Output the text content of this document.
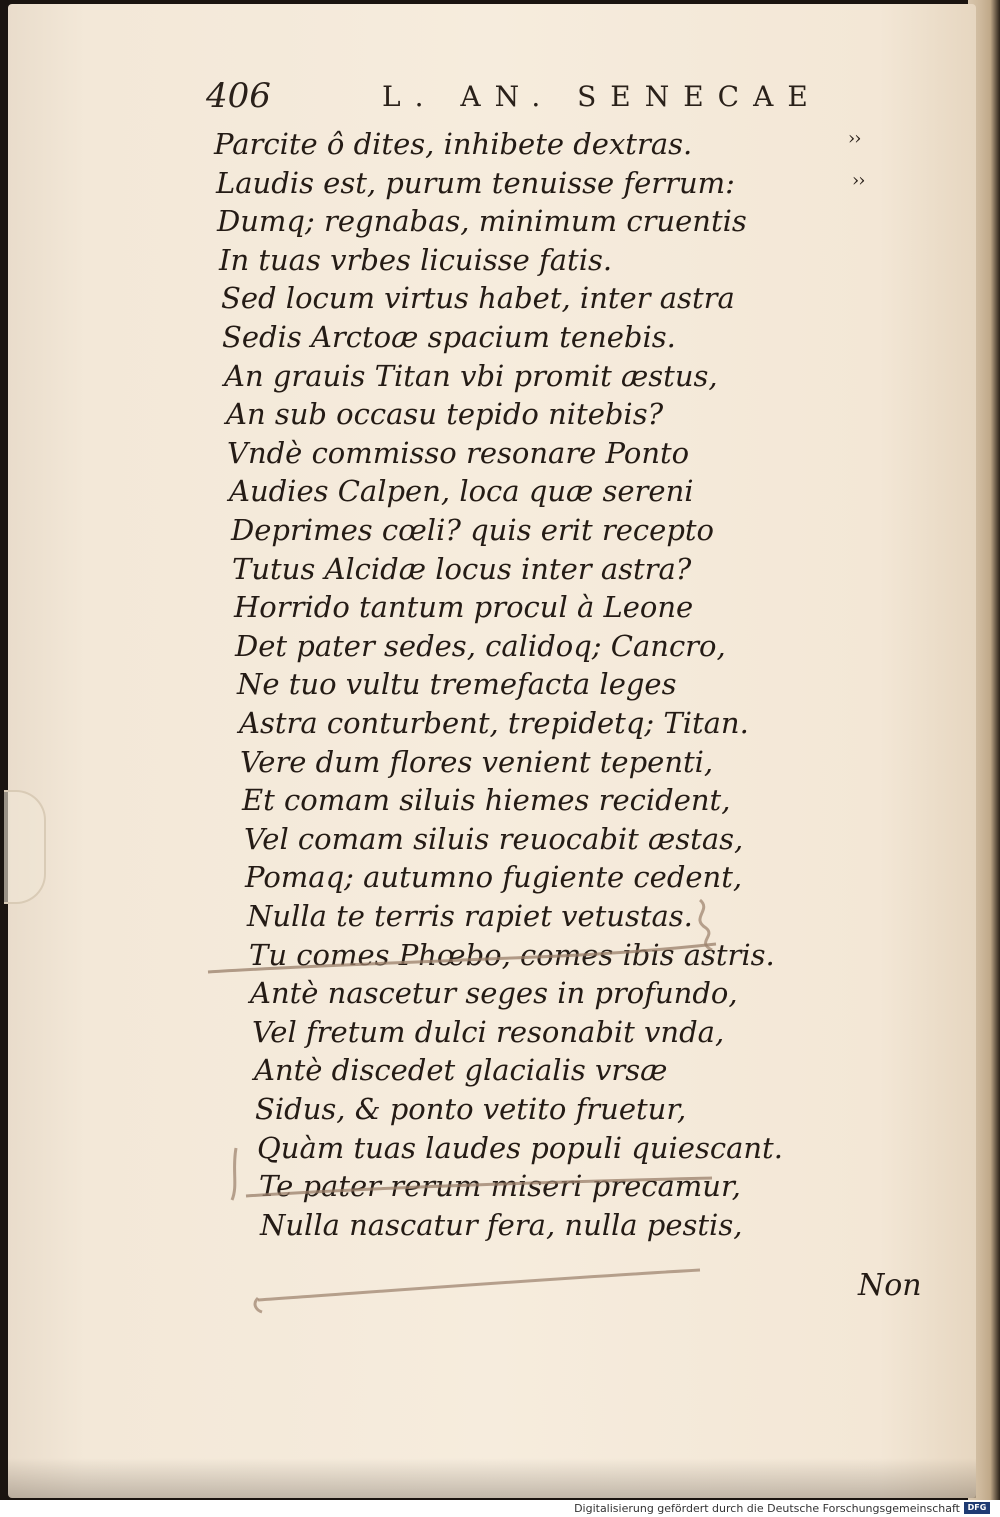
406	L. AN. SENECAE
Parcite ô dites, inhibete dextras.
Laudis est, purum tenuisse ferrum:
Dumq; regnabas, minimum cruentis
In tuas vrbes licuisse fatis.
Sed locum virtus habet, inter astra
Sedis Arctoæ spacium tenebis.
An grauis Titan vbi promit æstus,
An sub occasu tepido nitebis?
Vndè commisso resonare Ponto
Audies Calpen, loca quæ sereni
Deprimes cœli? quis erit recepto
Tutus Alcidæ locus inter astra?
Horrido tantum procul à Leone
Det pater sedes, calidoq; Cancro,
Ne tuo vultu tremefacta leges
Astra conturbent, trepidetq; Titan.
Vere dum flores venient tepenti,
Et comam siluis hiemes recident,
Vel comam siluis reuocabit æstas,
Pomaq; autumno fugiente cedent,
Nulla te terris rapiet vetustas.
Tu comes Phœbo, comes ibis astris.
Antè nascetur seges in profundo,
Vel fretum dulci resonabit vnda,
Antè discedet glacialis vrsæ
Sidus, & ponto vetito fruetur,
Quàm tuas laudes populi quiescant.
Te pater rerum miseri precamur,
Nulla nascatur fera, nulla pestis,
››
››
Non
Digitalisierung gefördert durch die Deutsche Forschungsgemeinschaft DFG
